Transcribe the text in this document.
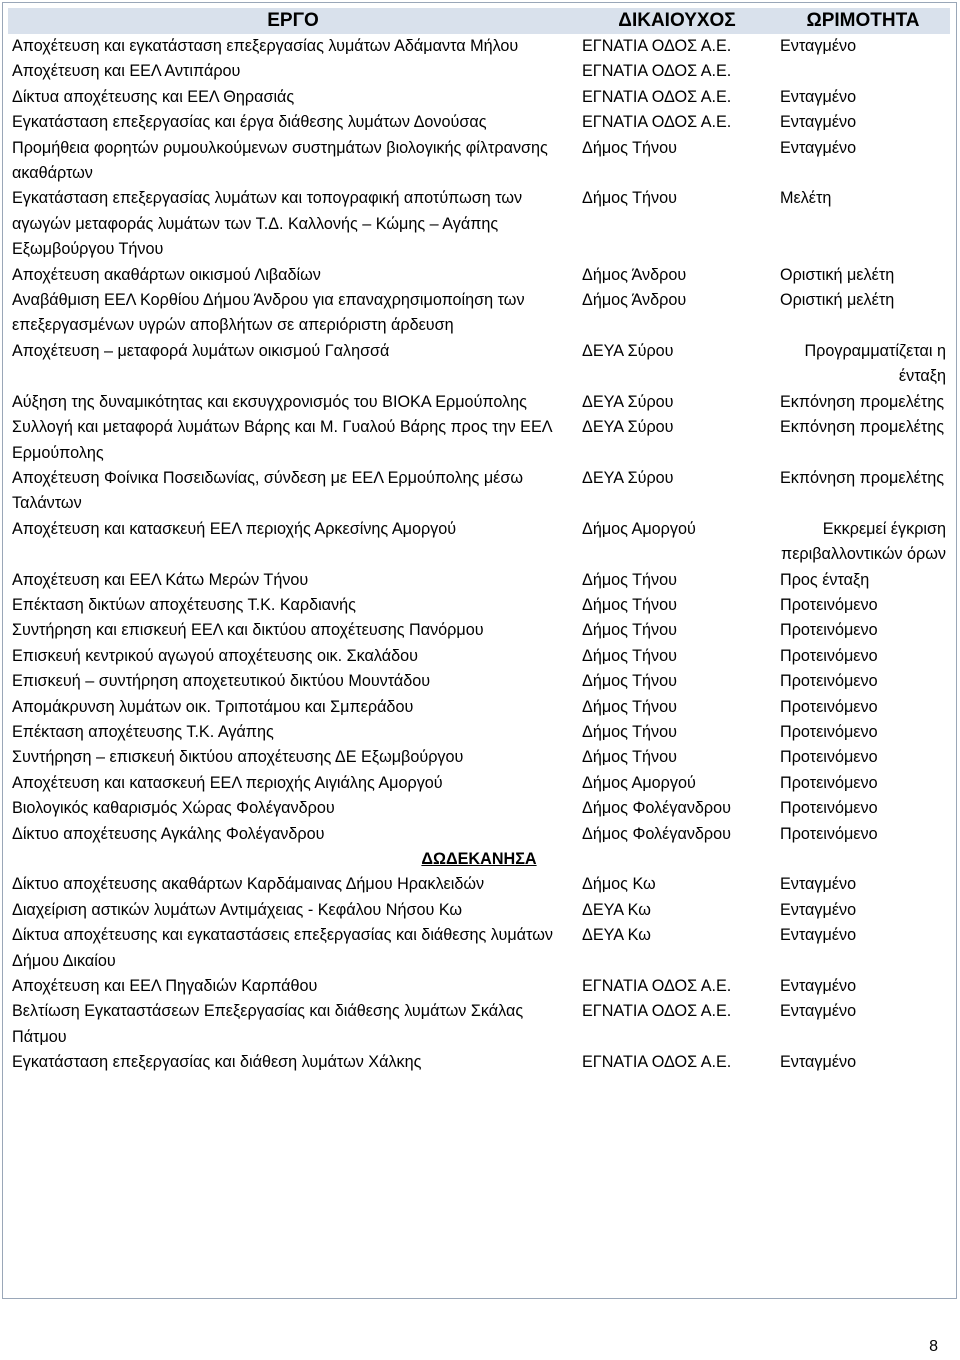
ΕΡΓΟ	ΔΙΚΑΙΟΥΧΟΣ	ΩΡΙΜΟΤΗΤΑ
Αποχέτευση και εγκατάσταση επεξεργασίας λυμάτων Αδάμαντα Μήλου	ΕΓΝΑΤΙΑ ΟΔΟΣ Α.Ε.	Ενταγμένο
Αποχέτευση και ΕΕΛ Αντιπάρου	ΕΓΝΑΤΙΑ ΟΔΟΣ Α.Ε.	
Δίκτυα αποχέτευσης και ΕΕΛ Θηρασιάς	ΕΓΝΑΤΙΑ ΟΔΟΣ Α.Ε.	Ενταγμένο
Εγκατάσταση επεξεργασίας και έργα διάθεσης λυμάτων Δονούσας	ΕΓΝΑΤΙΑ ΟΔΟΣ Α.Ε.	Ενταγμένο
Προμήθεια φορητών ρυμουλκούμενων συστημάτων βιολογικής φίλτρανσης ακαθάρτων	Δήμος Τήνου	Ενταγμένο
Εγκατάσταση επεξεργασίας λυμάτων και τοπογραφική αποτύπωση των αγωγών μεταφοράς λυμάτων των Τ.Δ. Καλλονής – Κώμης – Αγάπης Εξωμβούργου Τήνου	Δήμος Τήνου	Μελέτη
Αποχέτευση ακαθάρτων οικισμού Λιβαδίων	Δήμος Άνδρου	Οριστική μελέτη
Αναβάθμιση ΕΕΛ Κορθίου Δήμου Άνδρου για επαναχρησιμοποίηση των επεξεργασμένων υγρών αποβλήτων σε απεριόριστη άρδευση	Δήμος Άνδρου	Οριστική μελέτη
Αποχέτευση – μεταφορά λυμάτων οικισμού Γαλησσά	ΔΕΥΑ Σύρου	Προγραμματίζεται η ένταξη
Αύξηση της δυναμικότητας και εκσυγχρονισμός του ΒΙΟΚΑ Ερμούπολης	ΔΕΥΑ Σύρου	Εκπόνηση προμελέτης
Συλλογή και μεταφορά λυμάτων Βάρης και Μ. Γυαλού Βάρης προς την ΕΕΛ Ερμούπολης	ΔΕΥΑ Σύρου	Εκπόνηση προμελέτης
Αποχέτευση Φοίνικα Ποσειδωνίας, σύνδεση με ΕΕΛ Ερμούπολης μέσω Ταλάντων	ΔΕΥΑ Σύρου	Εκπόνηση προμελέτης
Αποχέτευση και κατασκευή ΕΕΛ περιοχής Αρκεσίνης Αμοργού	Δήμος Αμοργού	Εκκρεμεί έγκριση περιβαλλοντικών όρων
Αποχέτευση και ΕΕΛ Κάτω Μερών Τήνου	Δήμος Τήνου	Προς ένταξη
Επέκταση δικτύων αποχέτευσης Τ.Κ. Καρδιανής	Δήμος Τήνου	Προτεινόμενο
Συντήρηση και επισκευή ΕΕΛ και δικτύου αποχέτευσης Πανόρμου	Δήμος Τήνου	Προτεινόμενο
Επισκευή κεντρικού αγωγού αποχέτευσης οικ. Σκαλάδου	Δήμος Τήνου	Προτεινόμενο
Επισκευή – συντήρηση αποχετευτικού δικτύου Μουντάδου	Δήμος Τήνου	Προτεινόμενο
Απομάκρυνση λυμάτων οικ. Τριποτάμου και Σμπεράδου	Δήμος Τήνου	Προτεινόμενο
Επέκταση αποχέτευσης Τ.Κ. Αγάπης	Δήμος Τήνου	Προτεινόμενο
Συντήρηση – επισκευή δικτύου αποχέτευσης ΔΕ Εξωμβούργου	Δήμος Τήνου	Προτεινόμενο
Αποχέτευση και κατασκευή ΕΕΛ περιοχής Αιγιάλης Αμοργού	Δήμος Αμοργού	Προτεινόμενο
Βιολογικός καθαρισμός Χώρας Φολέγανδρου	Δήμος Φολέγανδρου	Προτεινόμενο
Δίκτυο αποχέτευσης Αγκάλης Φολέγανδρου	Δήμος Φολέγανδρου	Προτεινόμενο
ΔΩΔΕΚΑΝΗΣΑ		
Δίκτυο αποχέτευσης ακαθάρτων Καρδάμαινας Δήμου Ηρακλειδών	Δήμος Κω	Ενταγμένο
Διαχείριση αστικών λυμάτων Αντιμάχειας - Κεφάλου Νήσου Κω	ΔΕΥΑ Κω	Ενταγμένο
Δίκτυα αποχέτευσης και εγκαταστάσεις επεξεργασίας και διάθεσης λυμάτων Δήμου Δικαίου	ΔΕΥΑ Κω	Ενταγμένο
Αποχέτευση και ΕΕΛ Πηγαδιών Καρπάθου	ΕΓΝΑΤΙΑ ΟΔΟΣ Α.Ε.	Ενταγμένο
Βελτίωση Εγκαταστάσεων Επεξεργασίας και διάθεσης λυμάτων Σκάλας Πάτμου	ΕΓΝΑΤΙΑ ΟΔΟΣ Α.Ε.	Ενταγμένο
Εγκατάσταση επεξεργασίας και διάθεση λυμάτων Χάλκης	ΕΓΝΑΤΙΑ ΟΔΟΣ Α.Ε.	Ενταγμένο
8
